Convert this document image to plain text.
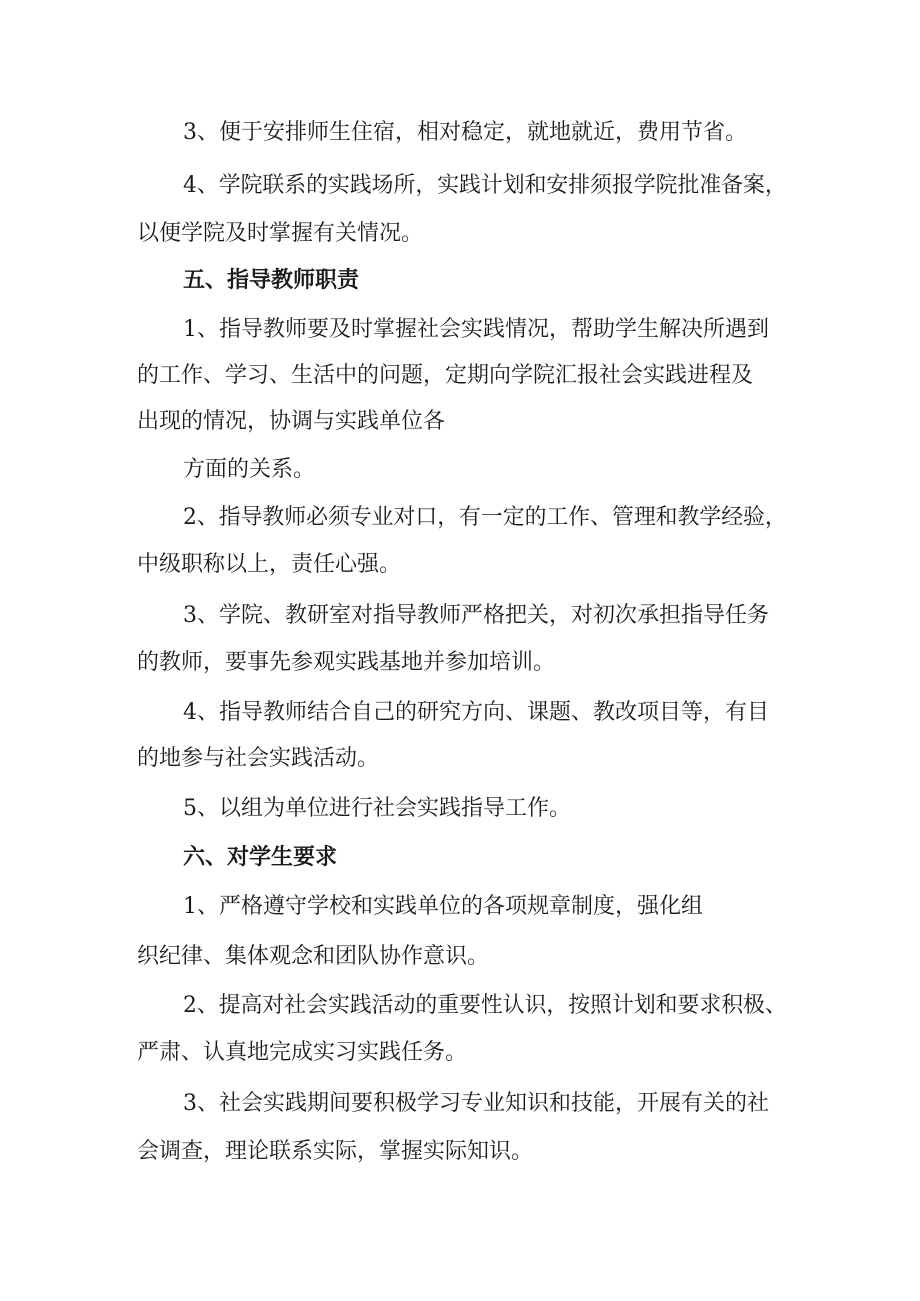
3、便于安排师生住宿，相对稳定，就地就近，费用节省。
4、学院联系的实践场所，实践计划和安排须报学院批准备案，
以便学院及时掌握有关情况。
五、指导教师职责
1、指导教师要及时掌握社会实践情况，帮助学生解决所遇到
的工作、学习、生活中的问题，定期向学院汇报社会实践进程及
出现的情况，协调与实践单位各
方面的关系。
2、指导教师必须专业对口，有一定的工作、管理和教学经验，
中级职称以上，责任心强。
3、学院、教研室对指导教师严格把关，对初次承担指导任务
的教师，要事先参观实践基地并参加培训。
4、指导教师结合自己的研究方向、课题、教改项目等，有目
的地参与社会实践活动。
5、以组为单位进行社会实践指导工作。
六、对学生要求
1、严格遵守学校和实践单位的各项规章制度，强化组
织纪律、集体观念和团队协作意识。
2、提高对社会实践活动的重要性认识，按照计划和要求积极、
严肃、认真地完成实习实践任务。
3、社会实践期间要积极学习专业知识和技能，开展有关的社
会调查，理论联系实际，掌握实际知识。
